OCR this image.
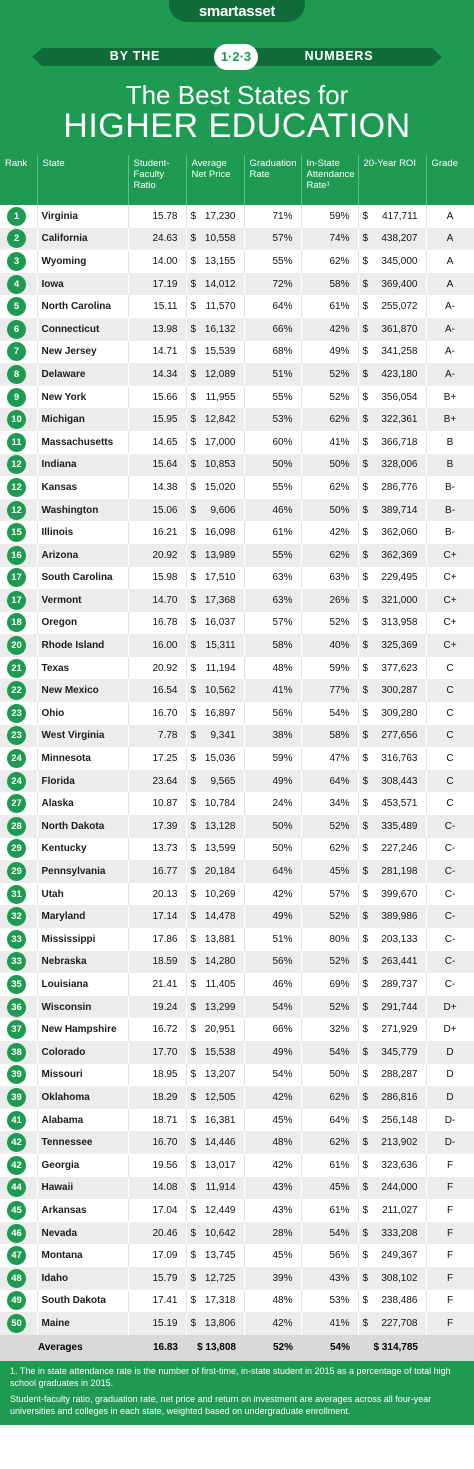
smartasset
BY THE	1·2·3	NUMBERS
The Best States for
HIGHER EDUCATION
Rank	State	Student-Faculty Ratio	Average Net Price	Graduation Rate	In-State Attendance Rate¹	20-Year ROI	Grade
1	Virginia	15.78	$ 17,230	71%	59%	$ 417,711	A
2	California	24.63	$ 10,558	57%	74%	$ 438,207	A
3	Wyoming	14.00	$ 13,155	55%	62%	$ 345,000	A
4	Iowa	17.19	$ 14,012	72%	58%	$ 369,400	A
5	North Carolina	15.11	$ 11,570	64%	61%	$ 255,072	A-
6	Connecticut	13.98	$ 16,132	66%	42%	$ 361,870	A-
7	New Jersey	14.71	$ 15,539	68%	49%	$ 341,258	A-
8	Delaware	14.34	$ 12,089	51%	52%	$ 423,180	A-
9	New York	15.66	$ 11,955	55%	52%	$ 356,054	B+
10	Michigan	15.95	$ 12,842	53%	62%	$ 322,361	B+
11	Massachusetts	14.65	$ 17,000	60%	41%	$ 366,718	B
12	Indiana	15.64	$ 10,853	50%	50%	$ 328,006	B
12	Kansas	14.38	$ 15,020	55%	62%	$ 286,776	B-
12	Washington	15.06	$ 9,606	46%	50%	$ 389,714	B-
15	Illinois	16.21	$ 16,098	61%	42%	$ 362,060	B-
16	Arizona	20.92	$ 13,989	55%	62%	$ 362,369	C+
17	South Carolina	15.98	$ 17,510	63%	63%	$ 229,495	C+
17	Vermont	14.70	$ 17,368	63%	26%	$ 321,000	C+
18	Oregon	16.78	$ 16,037	57%	52%	$ 313,958	C+
20	Rhode Island	16.00	$ 15,311	58%	40%	$ 325,369	C+
21	Texas	20.92	$ 11,194	48%	59%	$ 377,623	C
22	New Mexico	16.54	$ 10,562	41%	77%	$ 300,287	C
23	Ohio	16.70	$ 16,897	56%	54%	$ 309,280	C
23	West Virginia	7.78	$ 9,341	38%	58%	$ 277,656	C
24	Minnesota	17.25	$ 15,036	59%	47%	$ 316,763	C
24	Florida	23.64	$ 9,565	49%	64%	$ 308,443	C
27	Alaska	10.87	$ 10,784	24%	34%	$ 453,571	C
28	North Dakota	17.39	$ 13,128	50%	52%	$ 335,489	C-
29	Kentucky	13.73	$ 13,599	50%	62%	$ 227,246	C-
29	Pennsylvania	16.77	$ 20,184	64%	45%	$ 281,198	C-
31	Utah	20.13	$ 10,269	42%	57%	$ 399,670	C-
32	Maryland	17.14	$ 14,478	49%	52%	$ 389,986	C-
33	Mississippi	17.86	$ 13,881	51%	80%	$ 203,133	C-
33	Nebraska	18.59	$ 14,280	56%	52%	$ 263,441	C-
35	Louisiana	21.41	$ 11,405	46%	69%	$ 289,737	C-
36	Wisconsin	19.24	$ 13,299	54%	52%	$ 291,744	D+
37	New Hampshire	16.72	$ 20,951	66%	32%	$ 271,929	D+
38	Colorado	17.70	$ 15,538	49%	54%	$ 345,779	D
39	Missouri	18.95	$ 13,207	54%	50%	$ 288,287	D
39	Oklahoma	18.29	$ 12,505	42%	62%	$ 286,816	D
41	Alabama	18.71	$ 16,381	45%	64%	$ 256,148	D-
42	Tennessee	16.70	$ 14,446	48%	62%	$ 213,902	D-
42	Georgia	19.56	$ 13,017	42%	61%	$ 323,636	F
44	Hawaii	14.08	$ 11,914	43%	45%	$ 244,000	F
45	Arkansas	17.04	$ 12,449	43%	61%	$ 211,027	F
46	Nevada	20.46	$ 10,642	28%	54%	$ 333,208	F
47	Montana	17.09	$ 13,745	45%	56%	$ 249,367	F
48	Idaho	15.79	$ 12,725	39%	43%	$ 308,102	F
49	South Dakota	17.41	$ 17,318	48%	53%	$ 238,486	F
50	Maine	15.19	$ 13,806	42%	41%	$ 227,708	F
	Averages	16.83	$ 13,808	52%	54%	$ 314,785	

1. The in state attendance rate is the number of first-time, in-state student in 2015 as a percentage of total high school graduates in 2015.

Student-faculty ratio, graduation rate, net price and return on investment are averages across all four-year universities and colleges in each state, weighted based on undergraduate enrollment.
